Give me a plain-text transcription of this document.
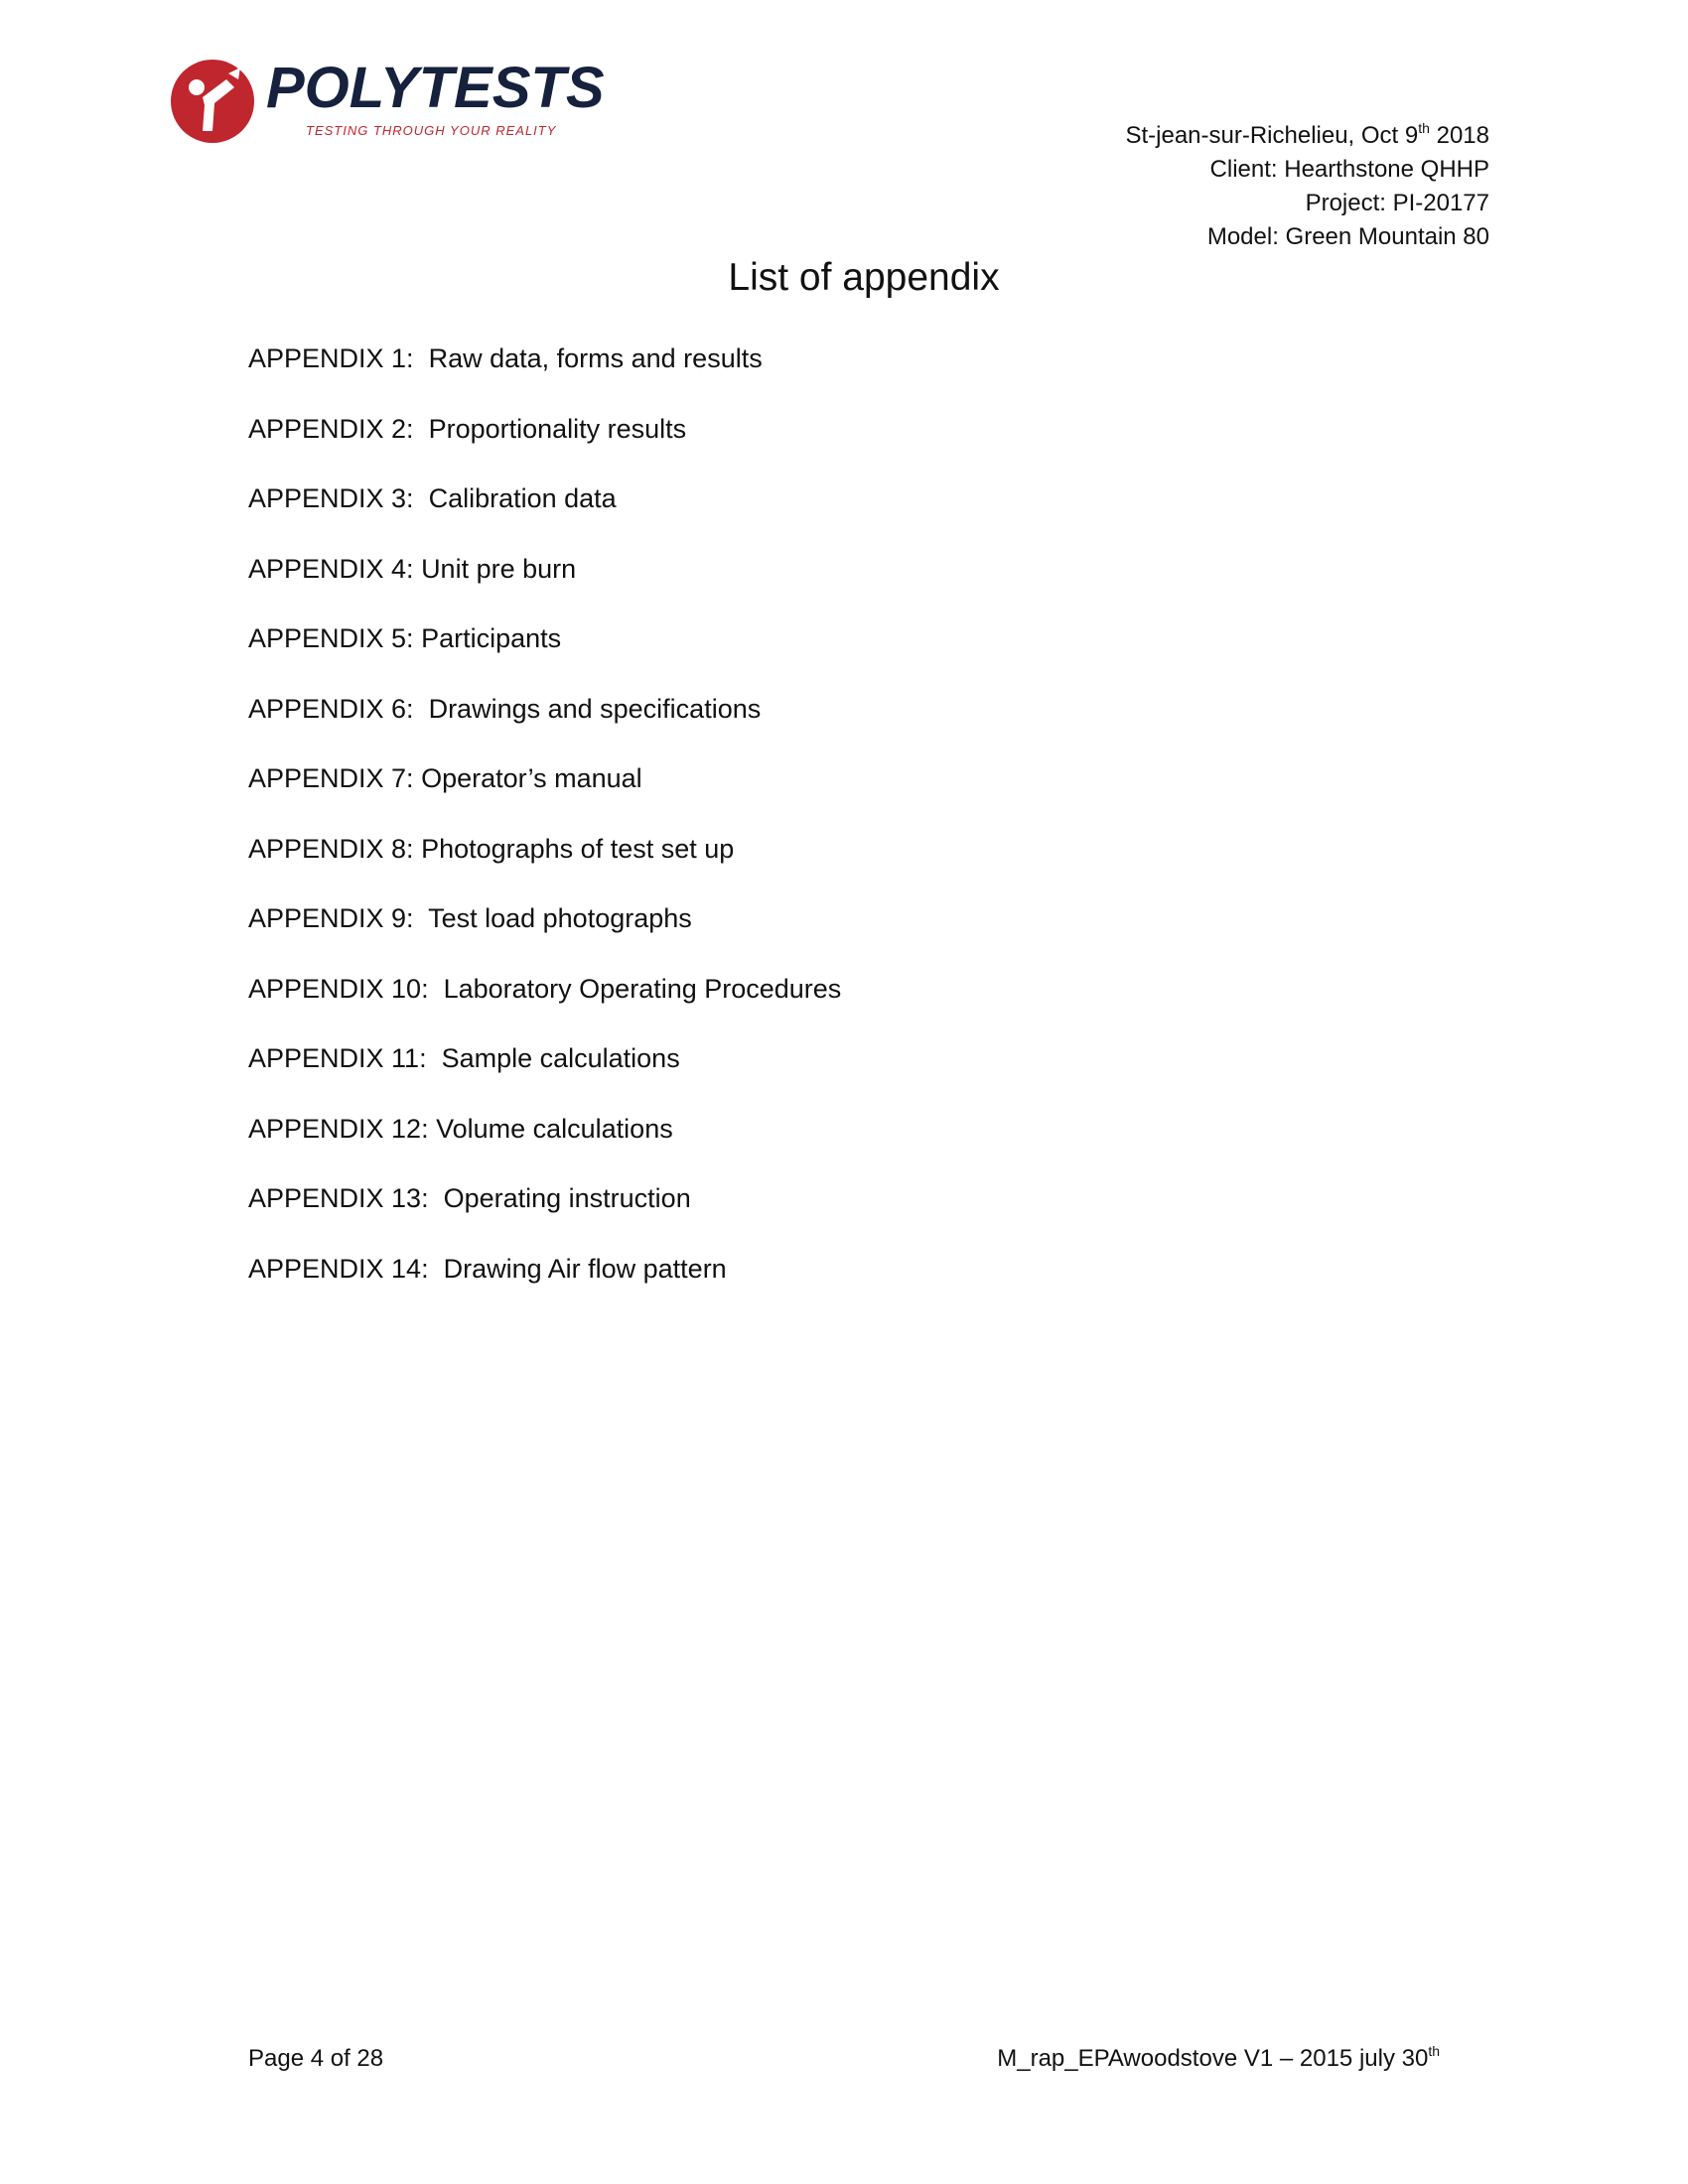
POLYTESTS
TESTING THROUGH YOUR REALITY	St-jean-sur-Richelieu, Oct 9th 2018
Client: Hearthstone QHHP
Project: PI-20177
Model: Green Mountain 80
List of appendix
APPENDIX 1:  Raw data, forms and results
APPENDIX 2:  Proportionality results
APPENDIX 3:  Calibration data
APPENDIX 4: Unit pre burn
APPENDIX 5: Participants
APPENDIX 6:  Drawings and specifications
APPENDIX 7: Operator’s manual
APPENDIX 8: Photographs of test set up
APPENDIX 9:  Test load photographs
APPENDIX 10:  Laboratory Operating Procedures
APPENDIX 11:  Sample calculations
APPENDIX 12: Volume calculations
APPENDIX 13:  Operating instruction
APPENDIX 14:  Drawing Air flow pattern
Page 4 of 28	M_rap_EPAwoodstove V1 – 2015 july 30th
